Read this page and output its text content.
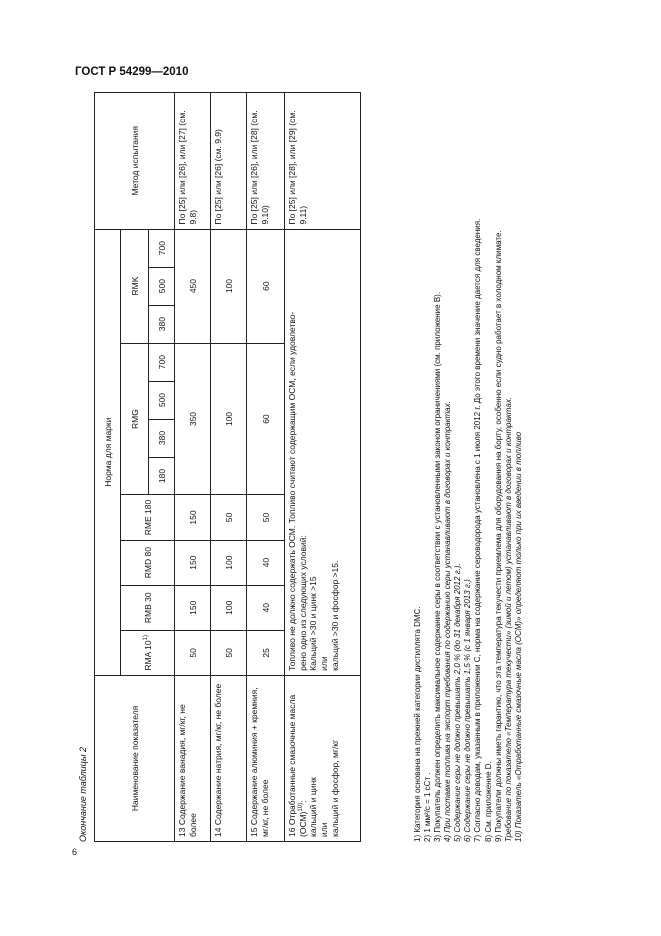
ГОСТ Р 54299—2010
6
Окончание таблицы 2	Наименование показателя	Норма для марки											Метод испытания
	RMA 10$^{1)}$	RMB 30	RMD 80	RME 180	RMG				RMK			
					180	380	500	700	380	500	700	
13 Содержание ванадия, мг/кг, не более	50	150	150	150	350				450			По [25] или [26], или [27] (см. 9.8)
14 Содержание натрия, мг/кг, не более	50	100	100	50	100				100			По [25] или [26] (см. 9.9)
15 Содержание алюминия + кремния, мг/кг, не более	25	40	40	50	60				60			По [25] или [26], или [28] (см. 9.10)
16 Отработанные смазочные масла (ОСМ)$^{10)}$:
кальций и цинк
или
кальций и фосфор, мг/кг	Топливо не должно содержать ОСМ. Топливо считают содержащим ОСМ, если удовлетво-
рено одно из следующих условий:
Кальций >30 и цинк >15
или
кальций >30 и фосфор >15.											По [25] или [28], или [29] (см. 9.11)

1) Категория основана на прежней категории дистиллята DMC. 2) 1 мм²/с = 1 сСт . 3) Покупатель должен определить максимальное содержание серы в соответствии с установленными законом ограничениями (см. приложение В). 4) При поставке топлива на экспорт требования по содержанию серы устанавливают в договорах и контрактах. 5) Содержание серы не должно превышать 2,0 % (до 31 декабря 2012 г.). 6) Содержание серы не должно превышать 1,5 % (с 1 января 2013 г.) 7) Согласно доводам, указанным в приложении С, норма на содержание сероводорода установлена с 1 июля 2012 г. До этого времени значение дается для сведения. 8) См. приложение D. 9) Покупатели должны иметь гарантию, что эта температура текучести приемлема для оборудования на борту, особенно если судно работает в холодном климате. Требование по показателю «Температура текучести» (зимой и летом) устанавливают в договорах и контрактах. 10) Показатель «Отработанные смазочные масла (ОСМ)» определяют только при их введении в топливо
